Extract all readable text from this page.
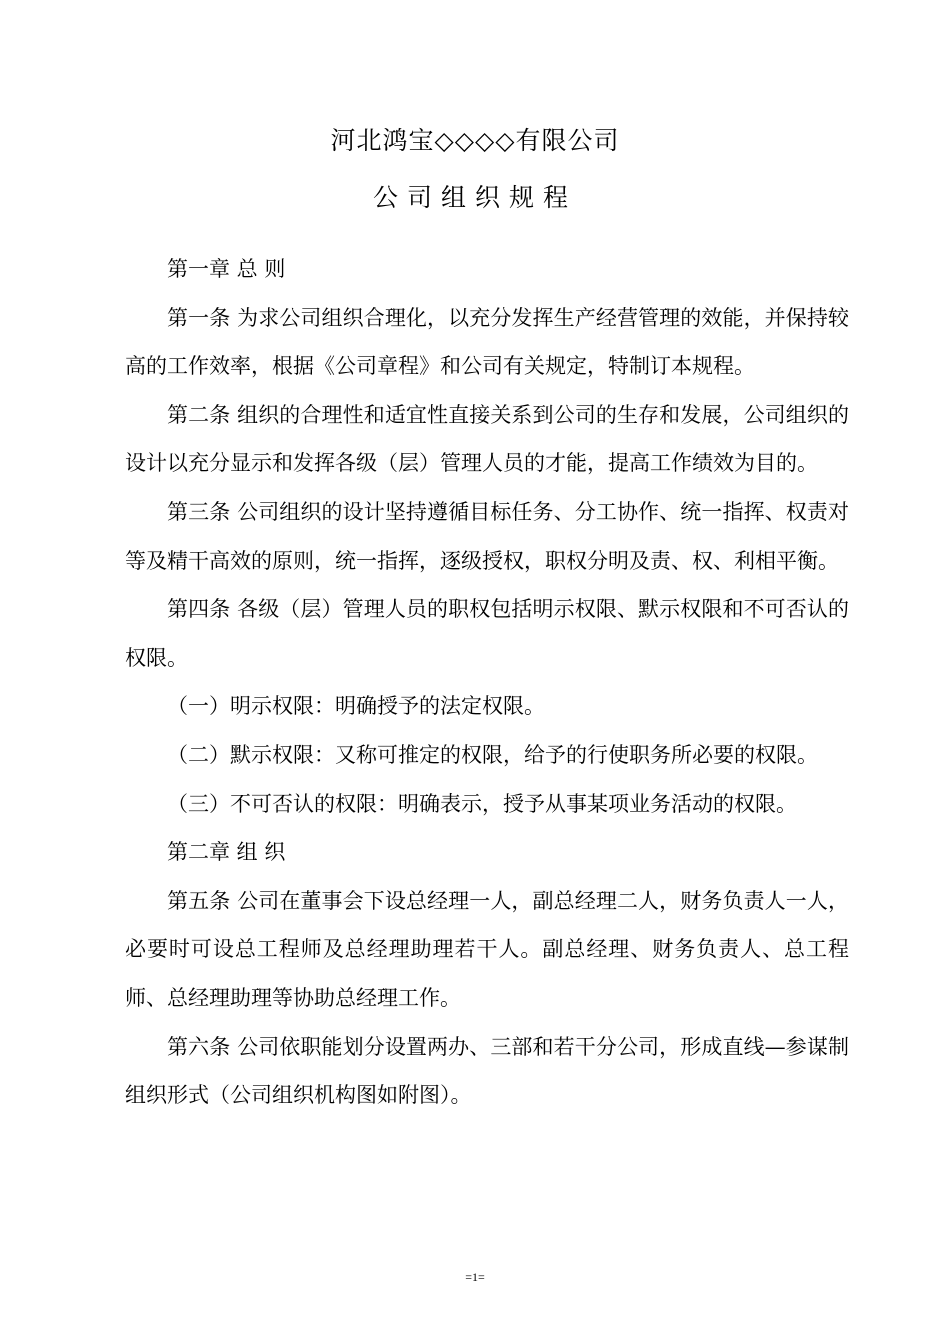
河北鸿宝◇◇◇◇有限公司
公司组织规程

第一章 总 则

第一条 为求公司组织合理化，以充分发挥生产经营管理的效能，并保持较高的工作效率，根据《公司章程》和公司有关规定，特制订本规程。

第二条 组织的合理性和适宜性直接关系到公司的生存和发展，公司组织的设计以充分显示和发挥各级（层）管理人员的才能，提高工作绩效为目的。

第三条 公司组织的设计坚持遵循目标任务、分工协作、统一指挥、权责对等及精干高效的原则，统一指挥，逐级授权，职权分明及责、权、利相平衡。

第四条 各级（层）管理人员的职权包括明示权限、默示权限和不可否认的权限。

（一）明示权限：明确授予的法定权限。

（二）默示权限：又称可推定的权限，给予的行使职务所必要的权限。

（三）不可否认的权限：明确表示，授予从事某项业务活动的权限。

第二章 组 织

第五条 公司在董事会下设总经理一人，副总经理二人，财务负责人一人，必要时可设总工程师及总经理助理若干人。副总经理、财务负责人、总工程师、总经理助理等协助总经理工作。

第六条 公司依职能划分设置两办、三部和若干分公司，形成直线—参谋制组织形式（公司组织机构图如附图）。

=1=
